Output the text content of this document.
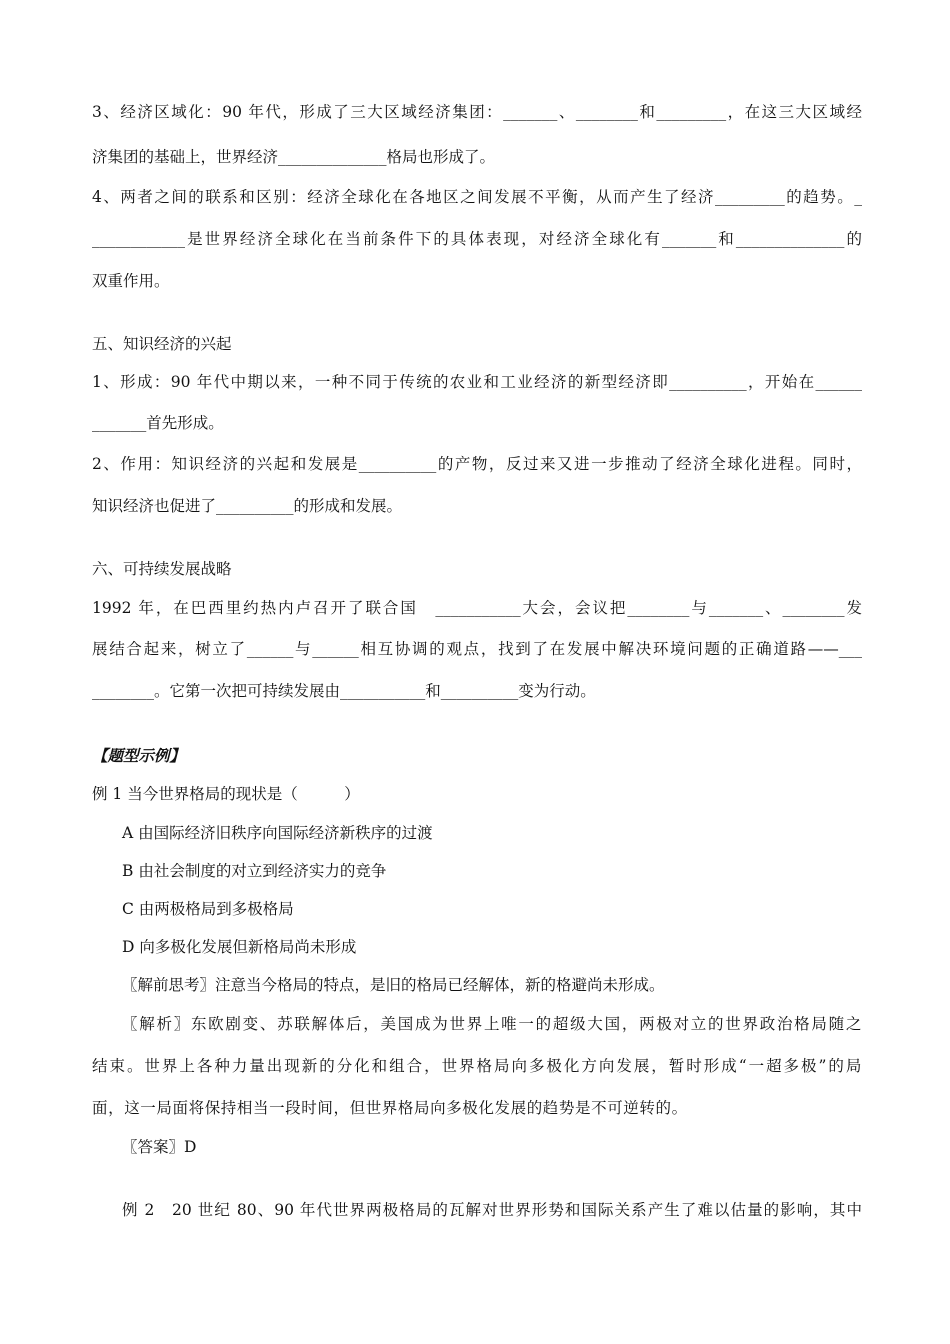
3、经济区域化：90 年代，形成了三大区域经济集团：_______、________和_________，在这三大区域经
济集团的基础上，世界经济______________格局也形成了。
4、两者之间的联系和区别：经济全球化在各地区之间发展不平衡，从而产生了经济_________的趋势。_
____________是世界经济全球化在当前条件下的具体表现，对经济全球化有_______和______________的
双重作用。
五、知识经济的兴起
1、形成：90 年代中期以来，一种不同于传统的农业和工业经济的新型经济即__________，开始在______
_______首先形成。
2、作用：知识经济的兴起和发展是__________的产物，反过来又进一步推动了经济全球化进程。同时，
知识经济也促进了__________的形成和发展。
六、可持续发展战略
1992 年，在巴西里约热内卢召开了联合国　___________大会，会议把________与_______、________发
展结合起来，树立了______与______相互协调的观点，找到了在发展中解决环境问题的正确道路——___
________。它第一次把可持续发展由___________和__________变为行动。
【题型示例】
例 1 当今世界格局的现状是（　　　）
A 由国际经济旧秩序向国际经济新秩序的过渡
B 由社会制度的对立到经济实力的竞争
C 由两极格局到多极格局
D 向多极化发展但新格局尚未形成
〖解前思考〗注意当今格局的特点，是旧的格局已经解体，新的格避尚未形成。
〖解析〗东欧剧变、苏联解体后，美国成为世界上唯一的超级大国，两极对立的世界政治格局随之
结束。世界上各种力量出现新的分化和组合，世界格局向多极化方向发展，暂时形成“一超多极”的局
面，这一局面将保持相当一段时间，但世界格局向多极化发展的趋势是不可逆转的。
〖答案〗D
例 2　20 世纪 80、90 年代世界两极格局的瓦解对世界形势和国际关系产生了难以估量的影响，其中
